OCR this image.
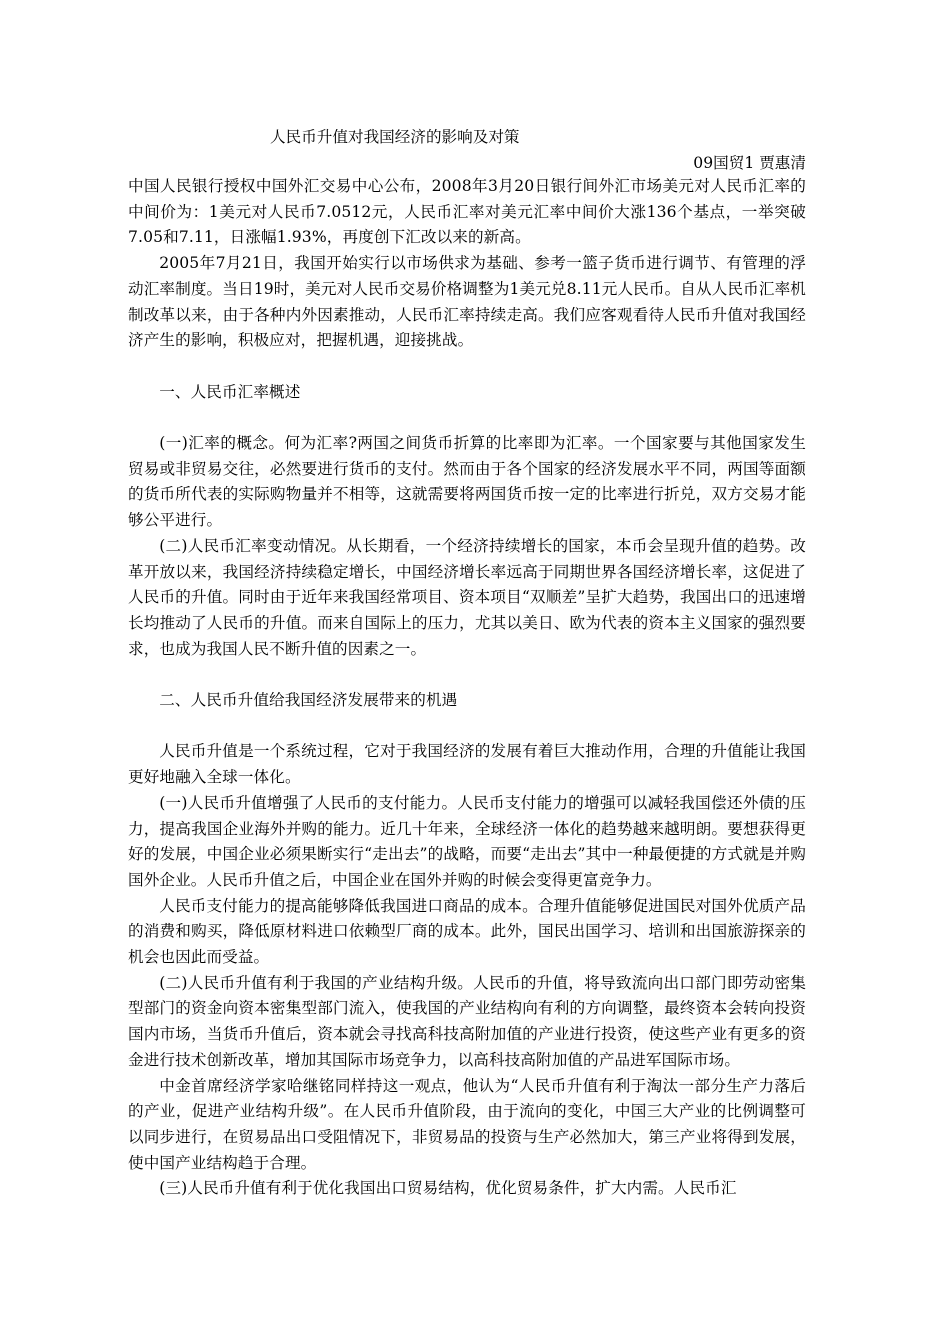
中国人民银行授权中国外汇交易中心公布，2008年3月20日银行间外汇市场美元对人民币汇率的中间价为：1美元对人民币7.0512元，人民币汇率对美元汇率中间价大涨136个基点，一举突破7.05和7.11，日涨幅1.93%，再度创下汇改以来的新高。

2005年7月21日，我国开始实行以市场供求为基础、参考一篮子货币进行调节、有管理的浮动汇率制度。当日19时，美元对人民币交易价格调整为1美元兑8.11元人民币。自从人民币汇率机制改革以来，由于各种内外因素推动，人民币汇率持续走高。我们应客观看待人民币升值对我国经济产生的影响，积极应对，把握机遇，迎接挑战。

一、人民币汇率概述

(一)汇率的概念。何为汇率?两国之间货币折算的比率即为汇率。一个国家要与其他国家发生贸易或非贸易交往，必然要进行货币的支付。然而由于各个国家的经济发展水平不同，两国等面额的货币所代表的实际购物量并不相等，这就需要将两国货币按一定的比率进行折兑，双方交易才能够公平进行。

(二)人民币汇率变动情况。从长期看，一个经济持续增长的国家，本币会呈现升值的趋势。改革开放以来，我国经济持续稳定增长，中国经济增长率远高于同期世界各国经济增长率，这促进了人民币的升值。同时由于近年来我国经常项目、资本项目“双顺差”呈扩大趋势，我国出口的迅速增长均推动了人民币的升值。而来自国际上的压力，尤其以美日、欧为代表的资本主义国家的强烈要求，也成为我国人民不断升值的因素之一。

二、人民币升值给我国经济发展带来的机遇

人民币升值是一个系统过程，它对于我国经济的发展有着巨大推动作用，合理的升值能让我国更好地融入全球一体化。

(一)人民币升值增强了人民币的支付能力。人民币支付能力的增强可以减轻我国偿还外债的压力，提高我国企业海外并购的能力。近几十年来，全球经济一体化的趋势越来越明朗。要想获得更好的发展，中国企业必须果断实行“走出去”的战略，而要“走出去”其中一种最便捷的方式就是并购国外企业。人民币升值之后，中国企业在国外并购的时候会变得更富竞争力。

人民币支付能力的提高能够降低我国进口商品的成本。合理升值能够促进国民对国外优质产品的消费和购买，降低原材料进口依赖型厂商的成本。此外，国民出国学习、培训和出国旅游探亲的机会也因此而受益。

(二)人民币升值有利于我国的产业结构升级。人民币的升值，将导致流向出口部门即劳动密集型部门的资金向资本密集型部门流入，使我国的产业结构向有利的方向调整，最终资本会转向投资国内市场，当货币升值后，资本就会寻找高科技高附加值的产业进行投资，使这些产业有更多的资金进行技术创新改革，增加其国际市场竞争力，以高科技高附加值的产品进军国际市场。

中金首席经济学家哈继铭同样持这一观点，他认为“人民币升值有利于淘汰一部分生产力落后的产业，促进产业结构升级”。在人民币升值阶段，由于流向的变化，中国三大产业的比例调整可以同步进行，在贸易品出口受阻情况下，非贸易品的投资与生产必然加大，第三产业将得到发展，使中国产业结构趋于合理。

(三)人民币升值有利于优化我国出口贸易结构，优化贸易条件，扩大内需。人民币汇

人民币升值对我国经济的影响及对策
09国贸1 贾惠清
